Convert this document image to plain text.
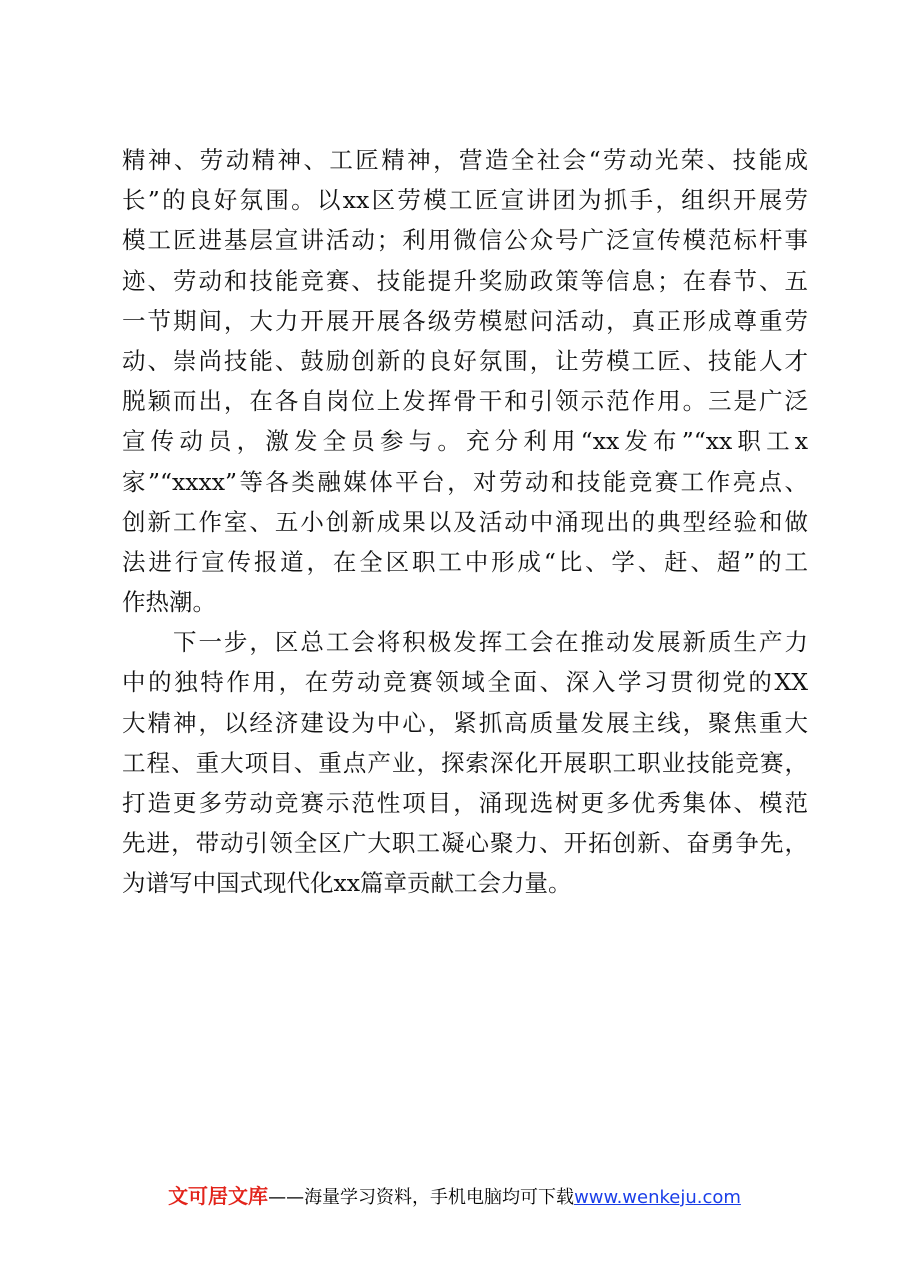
精神、劳动精神、工匠精神，营造全社会“劳动光荣、技能成
长”的良好氛围。以xx区劳模工匠宣讲团为抓手，组织开展劳
模工匠进基层宣讲活动；利用微信公众号广泛宣传模范标杆事
迹、劳动和技能竞赛、技能提升奖励政策等信息；在春节、五
一节期间，大力开展开展各级劳模慰问活动，真正形成尊重劳
动、崇尚技能、鼓励创新的良好氛围，让劳模工匠、技能人才
脱颖而出，在各自岗位上发挥骨干和引领示范作用。三是广泛
宣传动员，激发全员参与。充分利用“xx发布”“xx职工x
家”“xxxx”等各类融媒体平台，对劳动和技能竞赛工作亮点、
创新工作室、五小创新成果以及活动中涌现出的典型经验和做
法进行宣传报道，在全区职工中形成“比、学、赶、超”的工
作热潮。
　　下一步，区总工会将积极发挥工会在推动发展新质生产力
中的独特作用，在劳动竞赛领域全面、深入学习贯彻党的XX
大精神，以经济建设为中心，紧抓高质量发展主线，聚焦重大
工程、重大项目、重点产业，探索深化开展职工职业技能竞赛，
打造更多劳动竞赛示范性项目，涌现选树更多优秀集体、模范
先进，带动引领全区广大职工凝心聚力、开拓创新、奋勇争先，
为谱写中国式现代化xx篇章贡献工会力量。
文可居文库——海量学习资料，手机电脑均可下载www.wenkeju.com
